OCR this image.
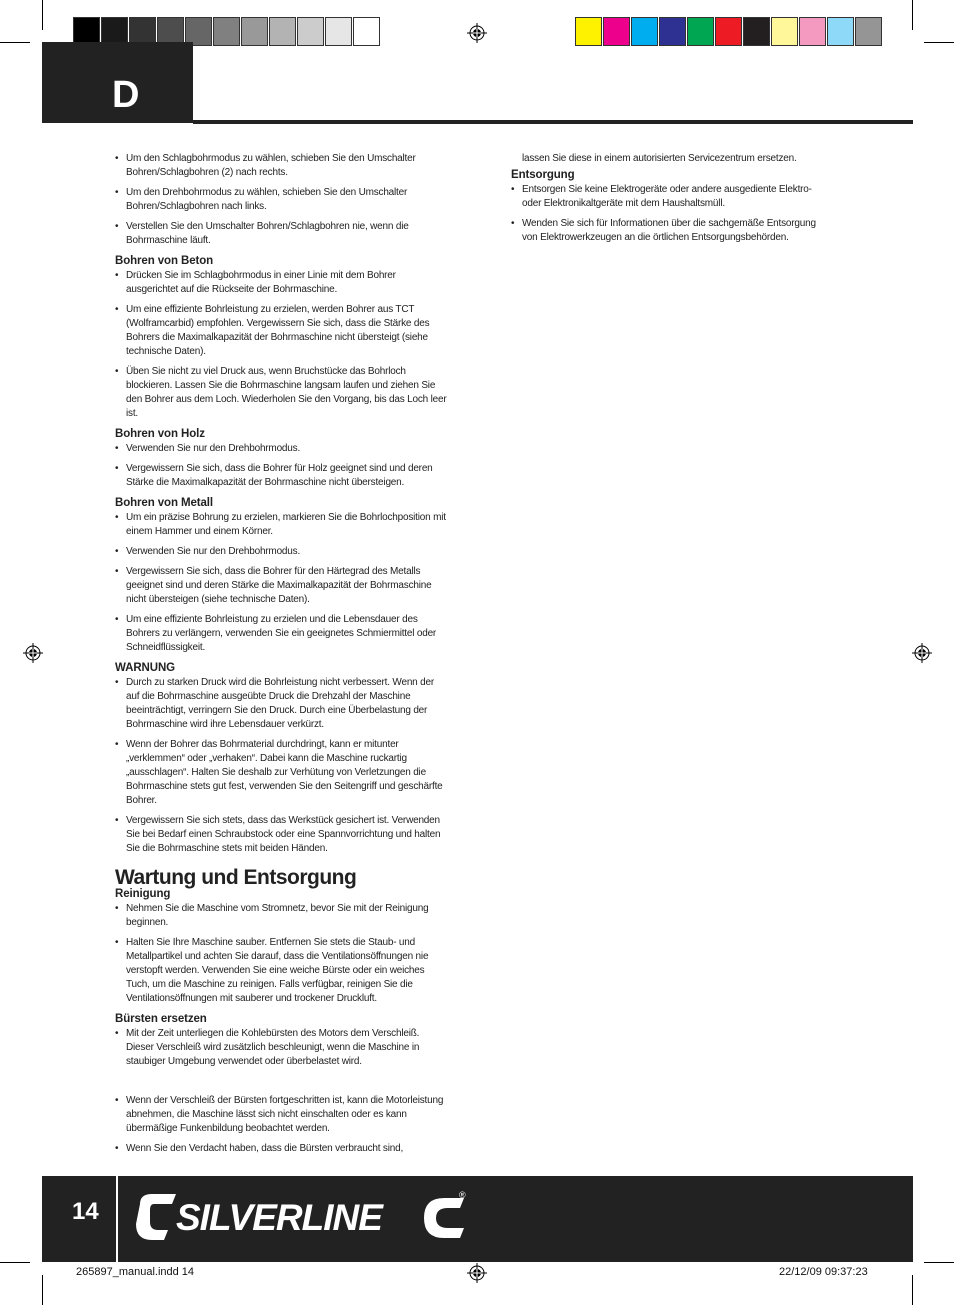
D
• Um den Schlagbohrmodus zu wählen, schieben Sie den Umschalter Bohren/Schlagbohren (2) nach rechts.
• Um den Drehbohrmodus zu wählen, schieben Sie den Umschalter Bohren/Schlagbohren nach links.
• Verstellen Sie den Umschalter Bohren/Schlagbohren nie, wenn die Bohrmaschine läuft.
Bohren von Beton
• Drücken Sie im Schlagbohrmodus in einer Linie mit dem Bohrer ausgerichtet auf die Rückseite der Bohrmaschine.
• Um eine effiziente Bohrleistung zu erzielen, werden Bohrer aus TCT (Wolframcarbid) empfohlen. Vergewissern Sie sich, dass die Stärke des Bohrers die Maximalkapazität der Bohrmaschine nicht übersteigt (siehe technische Daten).
• Üben Sie nicht zu viel Druck aus, wenn Bruchstücke das Bohrloch blockieren. Lassen Sie die Bohrmaschine langsam laufen und ziehen Sie den Bohrer aus dem Loch. Wiederholen Sie den Vorgang, bis das Loch leer ist.
Bohren von Holz
• Verwenden Sie nur den Drehbohrmodus.
• Vergewissern Sie sich, dass die Bohrer für Holz geeignet sind und deren Stärke die Maximalkapazität der Bohrmaschine nicht übersteigen.
Bohren von Metall
• Um ein präzise Bohrung zu erzielen, markieren Sie die Bohrlochposition mit einem Hammer und einem Körner.
• Verwenden Sie nur den Drehbohrmodus.
• Vergewissern Sie sich, dass die Bohrer für den Härtegrad des Metalls geeignet sind und deren Stärke die Maximalkapazität der Bohrmaschine nicht übersteigen (siehe technische Daten).
• Um eine effiziente Bohrleistung zu erzielen und die Lebensdauer des Bohrers zu verlängern, verwenden Sie ein geeignetes Schmiermittel oder Schneidflüssigkeit.
WARNUNG
• Durch zu starken Druck wird die Bohrleistung nicht verbessert. Wenn der auf die Bohrmaschine ausgeübte Druck die Drehzahl der Maschine beeinträchtigt, verringern Sie den Druck. Durch eine Überbelastung der Bohrmaschine wird ihre Lebensdauer verkürzt.
• Wenn der Bohrer das Bohrmaterial durchdringt, kann er mitunter „verklemmen“ oder „verhaken“. Dabei kann die Maschine ruckartig „ausschlagen“. Halten Sie deshalb zur Verhütung von Verletzungen die Bohrmaschine stets gut fest, verwenden Sie den Seitengriff und geschärfte Bohrer.
• Vergewissern Sie sich stets, dass das Werkstück gesichert ist. Verwenden Sie bei Bedarf einen Schraubstock oder eine Spannvorrichtung und halten Sie die Bohrmaschine stets mit beiden Händen.
Wartung und Entsorgung
Reinigung
• Nehmen Sie die Maschine vom Stromnetz, bevor Sie mit der Reinigung beginnen.
• Halten Sie Ihre Maschine sauber. Entfernen Sie stets die Staub- und Metallpartikel und achten Sie darauf, dass die Ventilationsöffnungen nie verstopft werden. Verwenden Sie eine weiche Bürste oder ein weiches Tuch, um die Maschine zu reinigen. Falls verfügbar, reinigen Sie die Ventilationsöffnungen mit sauberer und trockener Druckluft.
Bürsten ersetzen
• Mit der Zeit unterliegen die Kohlebürsten des Motors dem Verschleiß. Dieser Verschleiß wird zusätzlich beschleunigt, wenn die Maschine in staubiger Umgebung verwendet oder überbelastet wird.
• Wenn der Verschleiß der Bürsten fortgeschritten ist, kann die Motorleistung abnehmen, die Maschine lässt sich nicht einschalten oder es kann übermäßige Funkenbildung beobachtet werden.
• Wenn Sie den Verdacht haben, dass die Bürsten verbraucht sind,

lassen Sie diese in einem autorisierten Servicezentrum ersetzen.

Entsorgung
• Entsorgen Sie keine Elektrogeräte oder andere ausgediente Elektro- oder Elektronikaltgeräte mit dem Haushaltsmüll.
• Wenden Sie sich für Informationen über die sachgemäße Entsorgung von Elektrowerkzeugen an die örtlichen Entsorgungsbehörden.
14 SILVERLINE
®
265897_manual.indd 14	22/12/09 09:37:23
